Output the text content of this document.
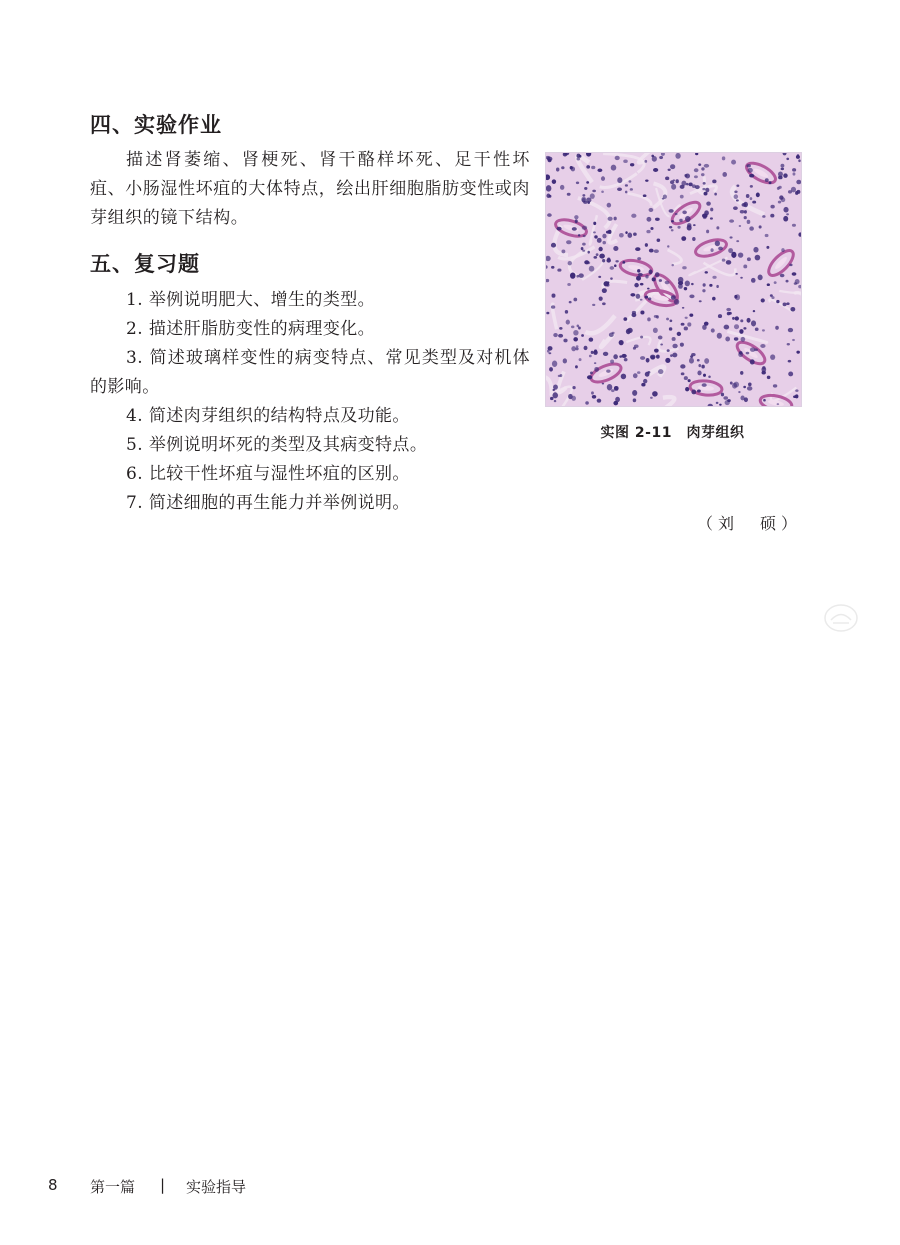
四、实验作业

描述肾萎缩、肾梗死、肾干酪样坏死、足干性坏疽、小肠湿性坏疽的大体特点，绘出肝细胞脂肪变性或肉芽组织的镜下结构。

五、复习题
1. 举例说明肥大、增生的类型。
2. 描述肝脂肪变性的病理变化。
3. 简述玻璃样变性的病变特点、常见类型及对机体的影响。
4. 简述肉芽组织的结构特点及功能。
5. 举例说明坏死的类型及其病变特点。
6. 比较干性坏疽与湿性坏疽的区别。
7. 简述细胞的再生能力并举例说明。
实图 2-11　肉芽组织
（刘　硕）
8 第一篇 | 实验指导
